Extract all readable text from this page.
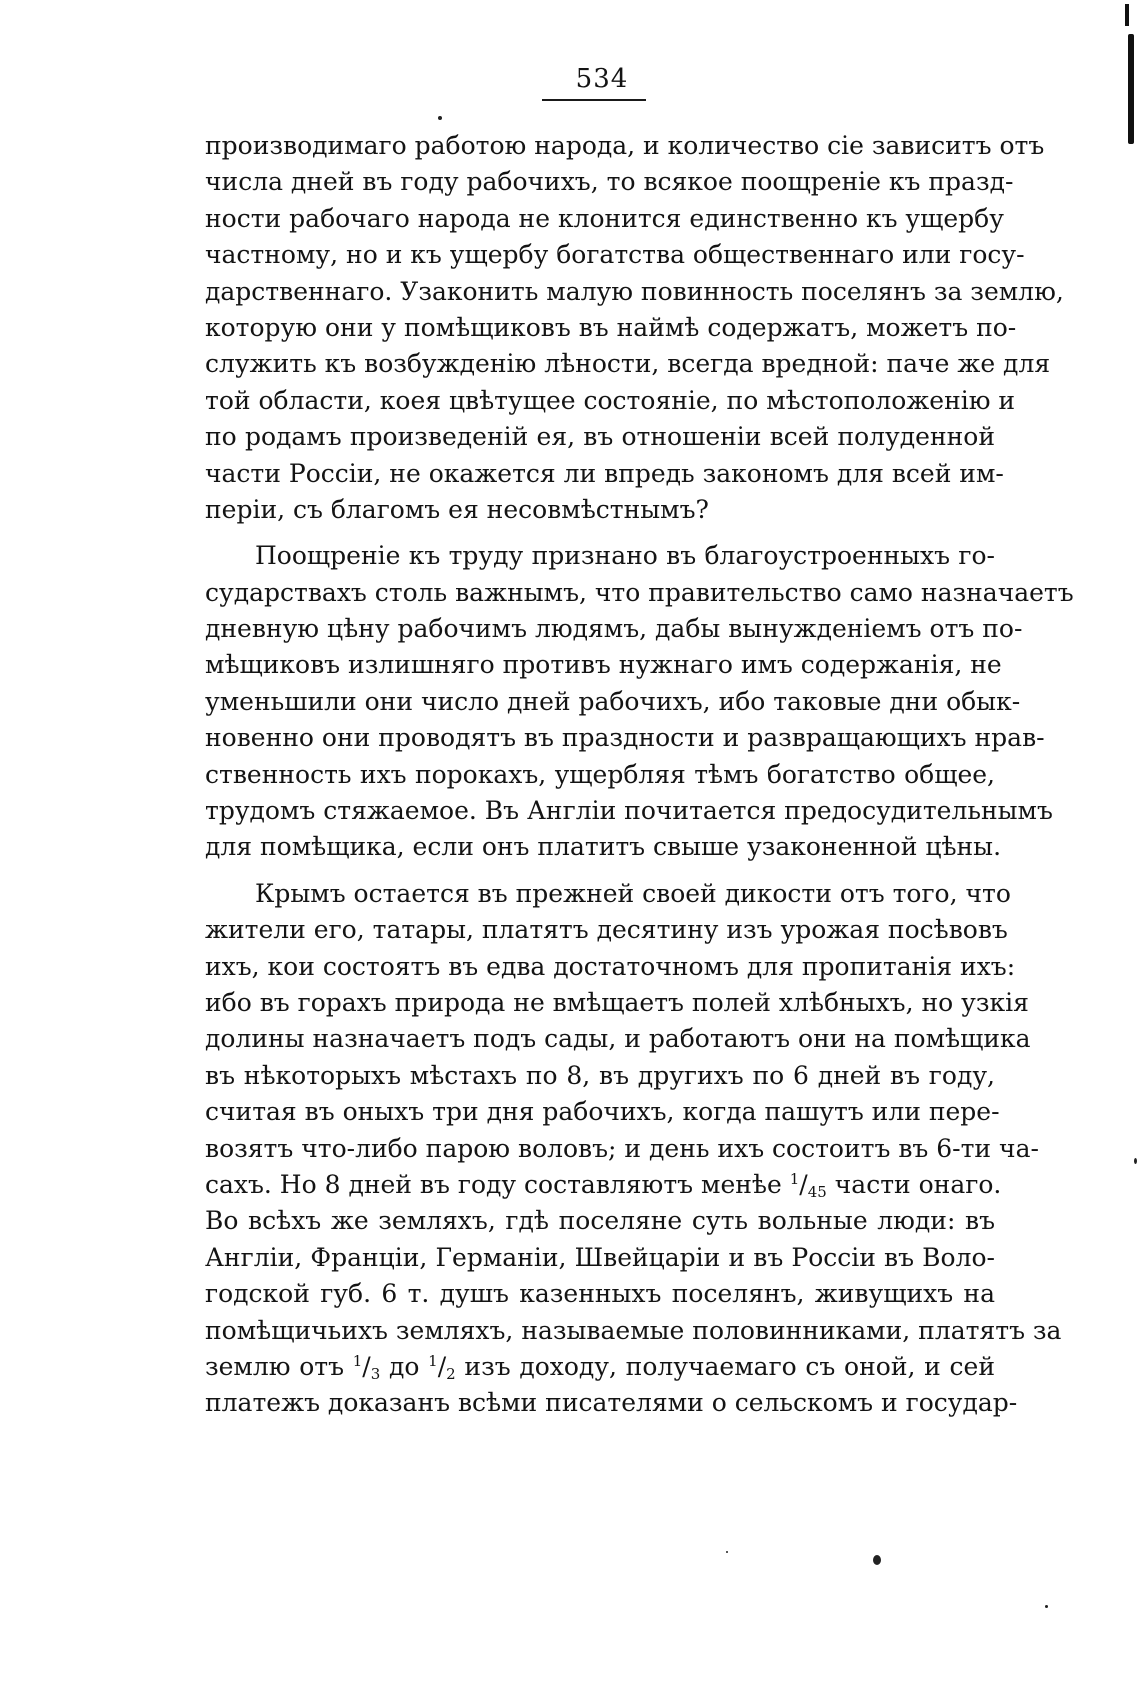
534
производимаго работою народа, и количество сіе зависитъ отъ
числа дней въ году рабочихъ, то всякое поощреніе къ празд-
ности рабочаго народа не клонится единственно къ ущербу
частному, но и къ ущербу богатства общественнаго или госу-
дарственнаго. Узаконить малую повинность поселянъ за землю,
которую они у помѣщиковъ въ наймѣ содержатъ, можетъ по-
служить къ возбужденію лѣности, всегда вредной: паче же для
той области, коея цвѣтущее состояніе, по мѣстоположенію и
по родамъ произведеній ея, въ отношеніи всей полуденной
части Россіи, не окажется ли впредь закономъ для всей им-
періи, съ благомъ ея несовмѣстнымъ?
Поощреніе къ труду признано въ благоустроенныхъ го-
сударствахъ столь важнымъ, что правительство само назначаетъ
дневную цѣну рабочимъ людямъ, дабы вынужденіемъ отъ по-
мѣщиковъ излишняго противъ нужнаго имъ содержанія, не
уменьшили они число дней рабочихъ, ибо таковые дни обык-
новенно они проводятъ въ праздности и развращающихъ нрав-
ственность ихъ порокахъ, ущербляя тѣмъ богатство общее,
трудомъ стяжаемое. Въ Англіи почитается предосудительнымъ
для помѣщика, если онъ платитъ свыше узаконенной цѣны.
Крымъ остается въ прежней своей дикости отъ того, что
жители его, татары, платятъ десятину изъ урожая посѣвовъ
ихъ, кои состоятъ въ едва достаточномъ для пропитанія ихъ:
ибо въ горахъ природа не вмѣщаетъ полей хлѣбныхъ, но узкія
долины назначаетъ подъ сады, и работаютъ они на помѣщика
въ нѣкоторыхъ мѣстахъ по 8, въ другихъ по 6 дней въ году,
считая въ оныхъ три дня рабочихъ, когда пашутъ или пере-
возятъ что-либо парою воловъ; и день ихъ состоитъ въ 6-ти ча-
сахъ. Но 8 дней въ году составляютъ менѣе $^1/_{45}$ части онаго.
Во всѣхъ же земляхъ, гдѣ поселяне суть вольные люди: въ
Англіи, Франціи, Германіи, Швейцаріи и въ Россіи въ Воло-
годской губ. 6 т. душъ казенныхъ поселянъ, живущихъ на
помѣщичьихъ земляхъ, называемые половинниками, платятъ за
землю отъ $^1/_3$ до $^1/_2$ изъ доходу, получаемаго съ оной, и сей
платежъ доказанъ всѣми писателями о сельскомъ и государ-
